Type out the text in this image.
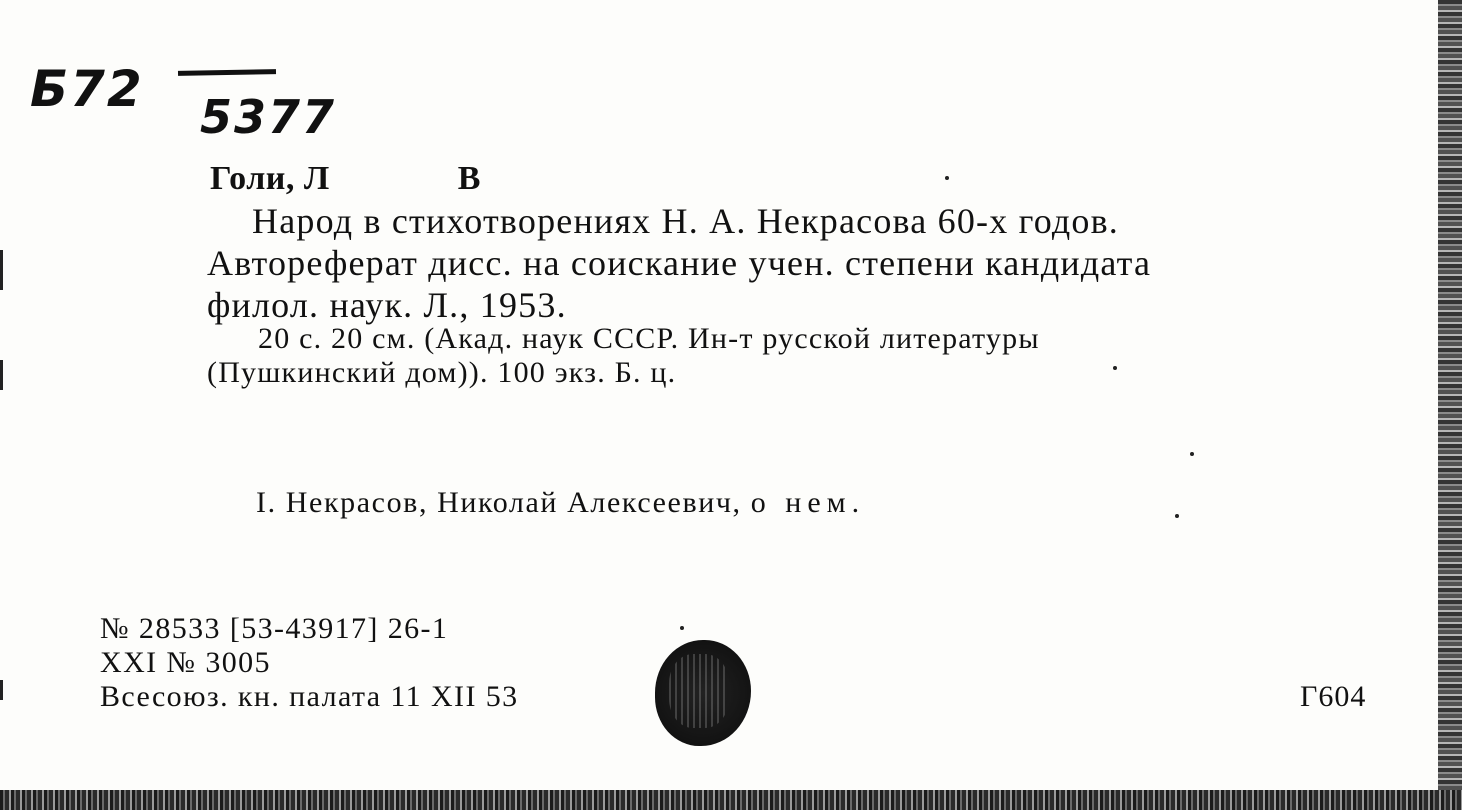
Б72 5377
Голи, Л	В
Народ в стихотворениях Н. А. Некрасова 60-х годов.
Автореферат дисс. на соискание учен. степени кандидата
филол. наук. Л., 1953.
20 с. 20 см. (Акад. наук СССР. Ин-т русской литературы
(Пушкинский дом)). 100 экз. Б. ц.
I. Некрасов, Николай Алексеевич, о нем.
№ 28533 [53-43917] 26-1
XXI № 3005
Всесоюз. кн. палата 11 XII 53	Г604
